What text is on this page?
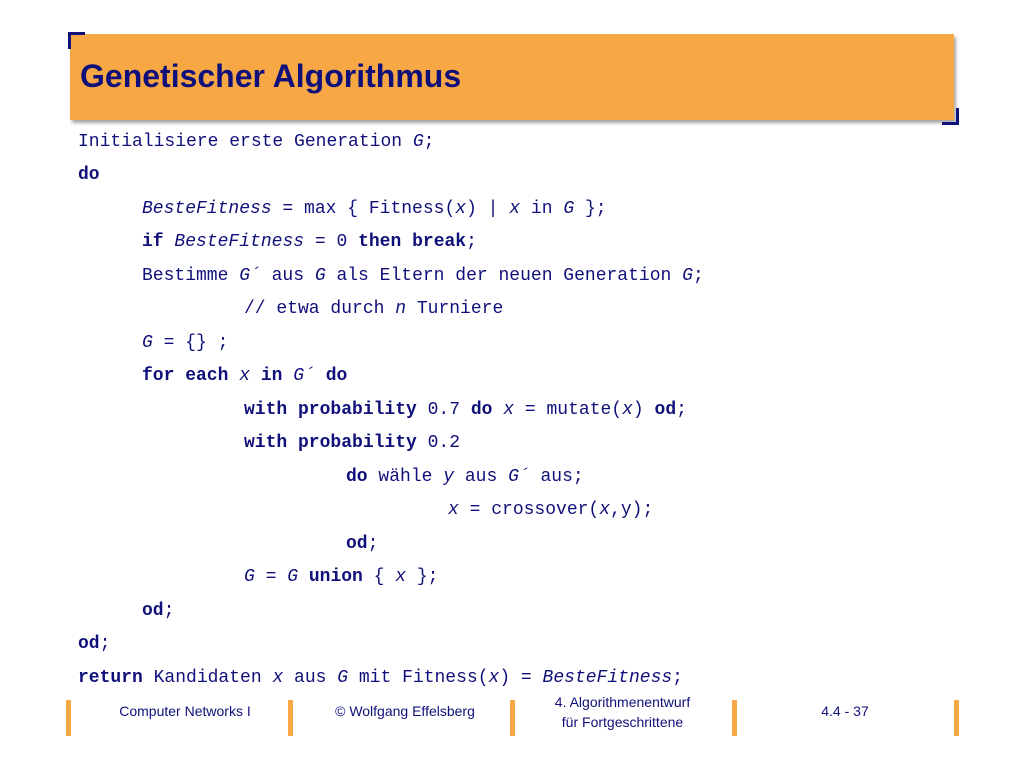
Genetischer Algorithmus
Initialisiere erste Generation G;
do
BesteFitness = max { Fitness(x) | x in G };
if BesteFitness = 0 then break;
Bestimme G´ aus G als Eltern der neuen Generation G;
// etwa durch n Turniere
G = {} ;
for each x in G´ do
with probability 0.7 do x = mutate(x) od;
with probability 0.2
do wähle y aus G´ aus;
x = crossover(x,y);
od;
G = G union { x };
od;
od;
return Kandidaten x aus G mit Fitness(x) = BesteFitness;
Computer Networks I	© Wolfgang Effelsberg
4. Algorithmenentwurf
für Fortgeschrittene
4.4 - 37
